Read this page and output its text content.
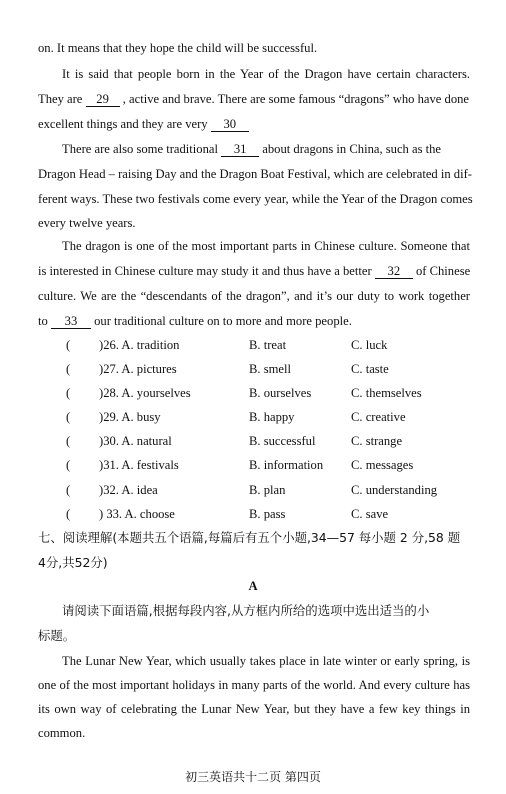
on. It means that they hope the child will be successful.
It is said that people born in the Year of the Dragon have certain characters.
They are 29 , active and brave. There are some famous “dragons” who have done
excellent things and they are very 30
There are also some traditional 31 about dragons in China, such as the
Dragon Head – raising Day and the Dragon Boat Festival, which are celebrated in dif-
ferent ways. These two festivals come every year, while the Year of the Dragon comes
every twelve years.
The dragon is one of the most important parts in Chinese culture. Someone that
is interested in Chinese culture may study it and thus have a better 32 of Chinese
culture. We are the “descendants of the dragon”, and it’s our duty to work together
to 33 our traditional culture on to more and more people.
( )26. A. tradition	B. treat	C. luck
( )27. A. pictures	B. smell	C. taste
( )28. A. yourselves	B. ourselves	C. themselves
( )29. A. busy	B. happy	C. creative
( )30. A. natural	B. successful	C. strange
( )31. A. festivals	B. information C. messages
( )32. A. idea	B. plan	C. understanding
( ) 33. A. choose	B. pass	C. save
七、阅读理解(本题共五个语篇,每篇后有五个小题,34—57 每小题 2 分,58 题
4分,共52分)
A
请阅读下面语篇,根据每段内容,从方框内所给的选项中选出适当的小
标题。
The Lunar New Year, which usually takes place in late winter or early spring, is
one of the most important holidays in many parts of the world. And every culture has
its own way of celebrating the Lunar New Year, but they have a few key things in
common.
初三英语共十二页 第四页
